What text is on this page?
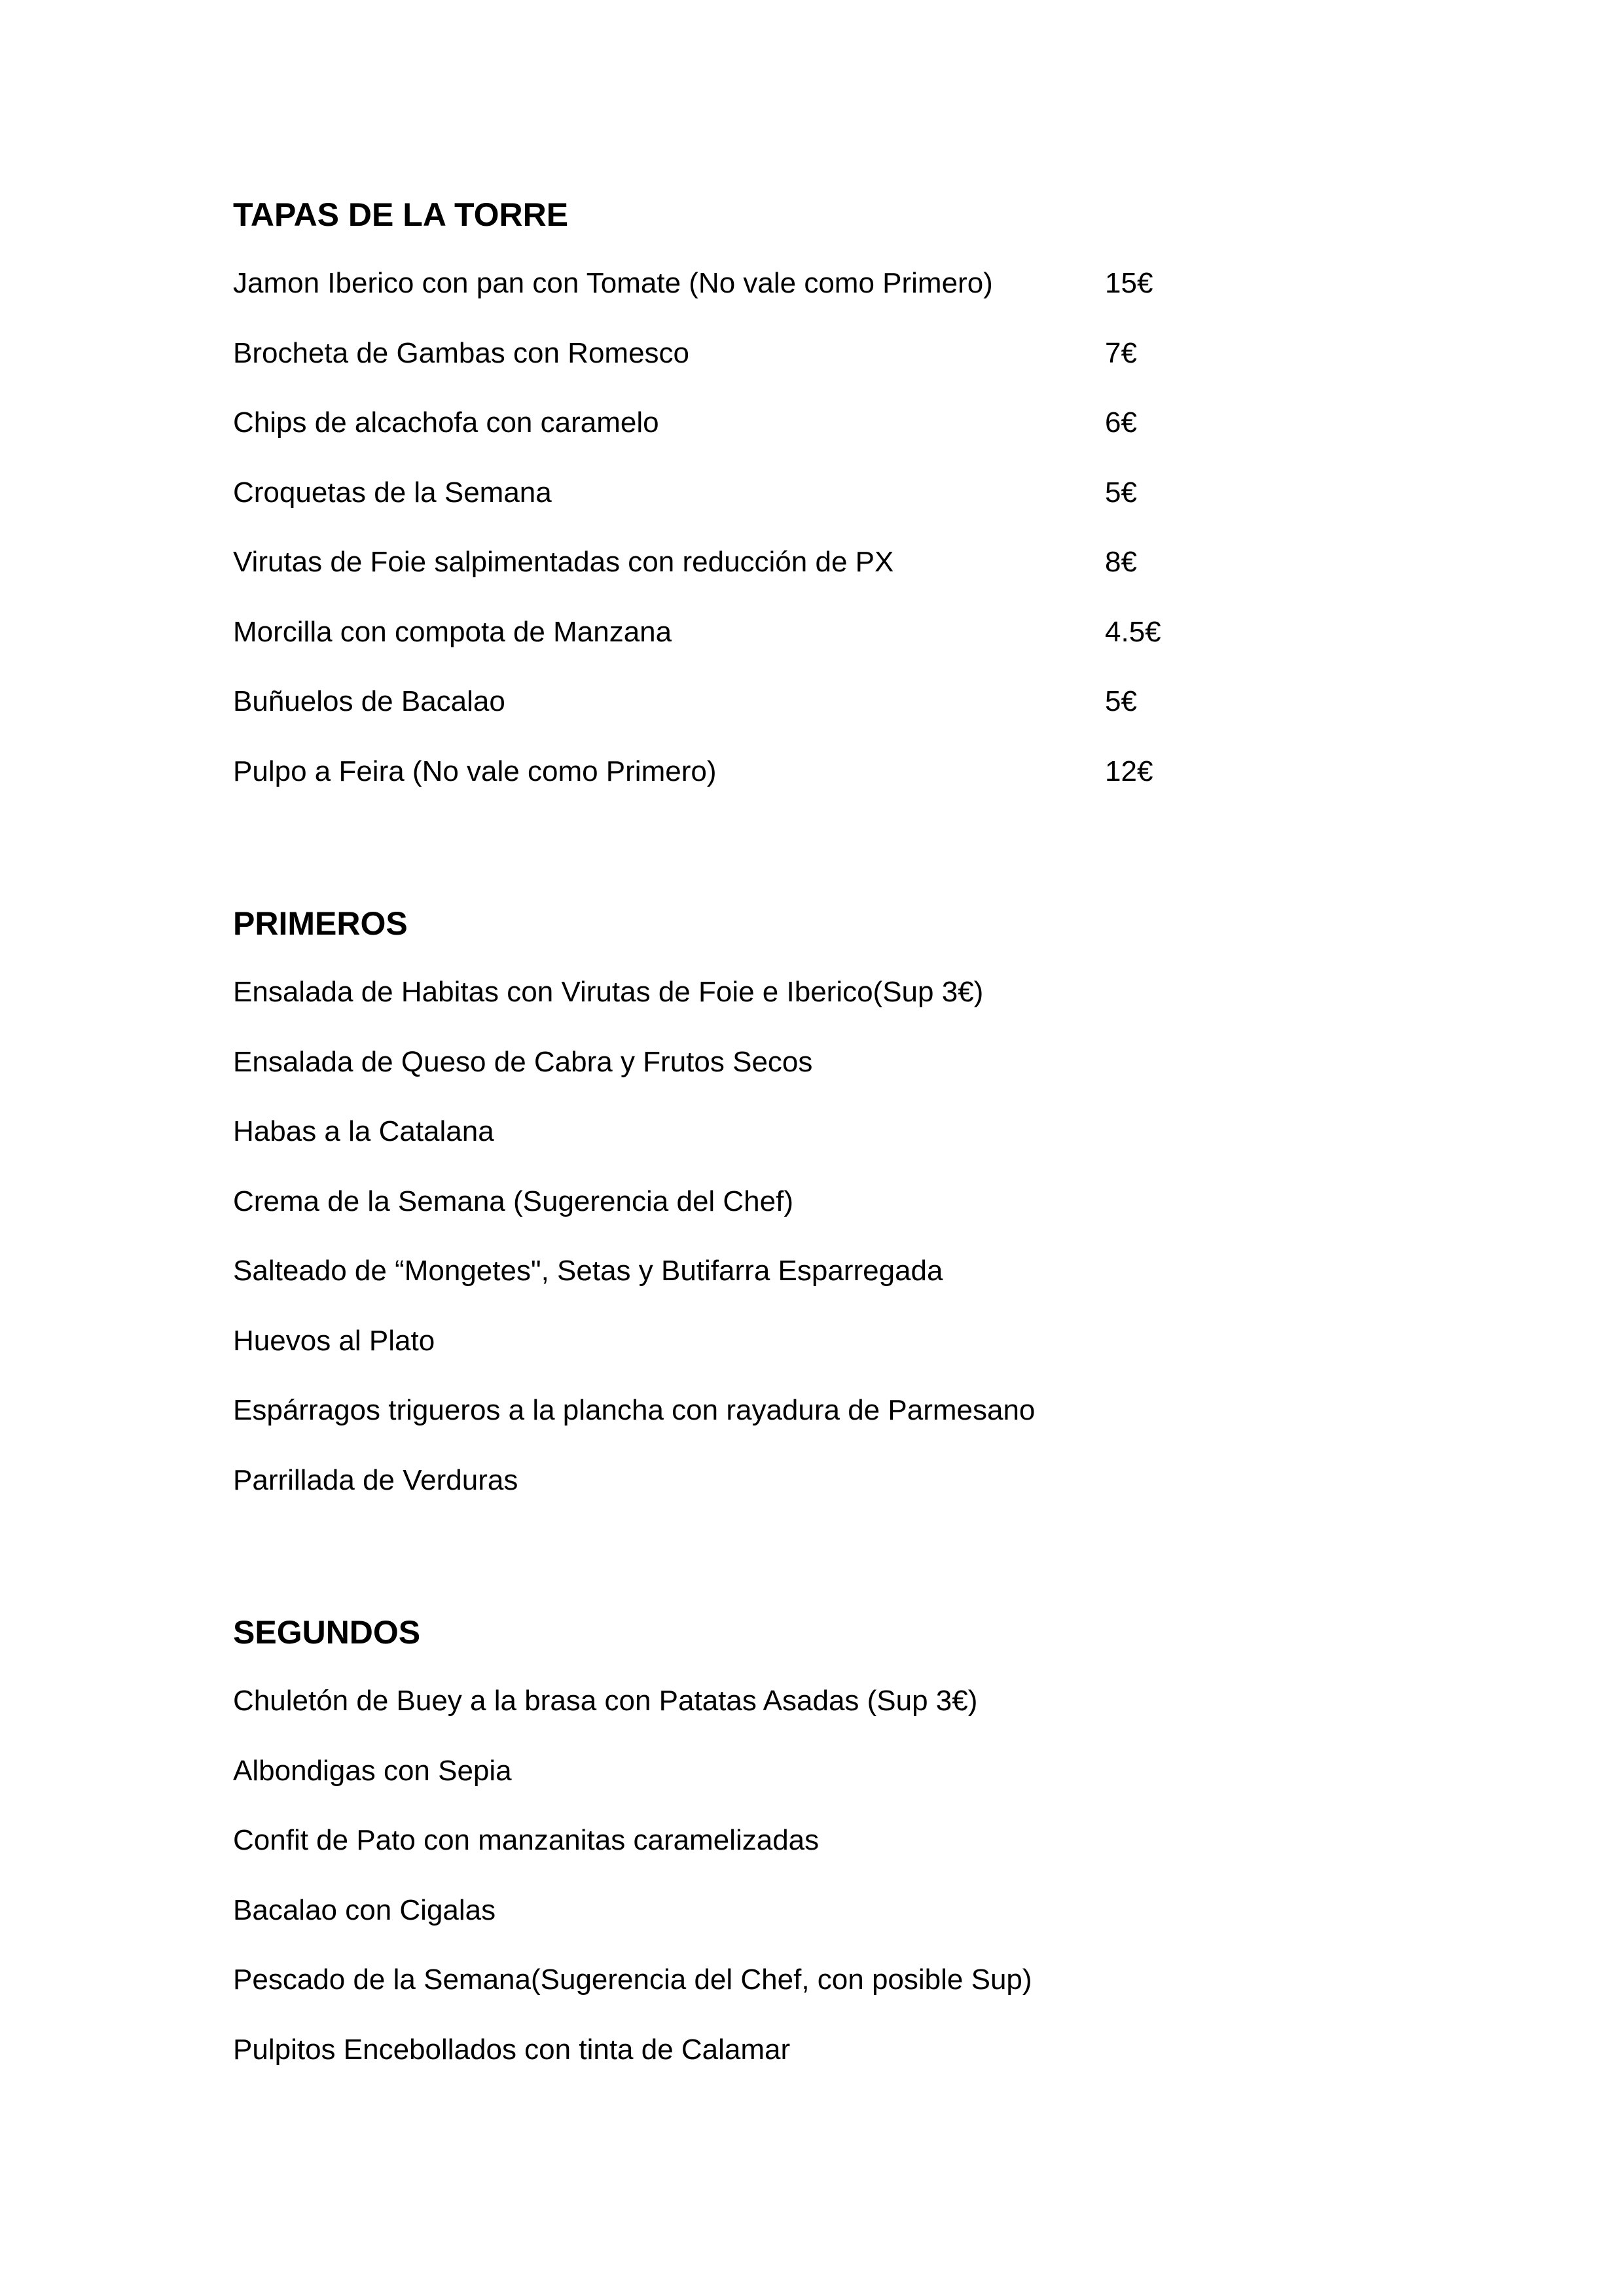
TAPAS DE LA TORRE
Jamon Iberico con pan con Tomate (No vale como Primero)	15€
Brocheta de Gambas con Romesco	7€
Chips de alcachofa con caramelo	6€
Croquetas de la Semana	5€
Virutas de Foie salpimentadas con reducción de PX	8€
Morcilla con compota de Manzana	4.5€
Buñuelos de Bacalao	5€
Pulpo a Feira (No vale como Primero)	12€
PRIMEROS
Ensalada de Habitas con Virutas de Foie e Iberico(Sup 3€)
Ensalada de Queso de Cabra y Frutos Secos
Habas a la Catalana
Crema de la Semana (Sugerencia del Chef)
Salteado de “Mongetes", Setas y Butifarra Esparregada
Huevos al Plato
Espárragos trigueros a la plancha con rayadura de Parmesano
Parrillada de Verduras
SEGUNDOS
Chuletón de Buey a la brasa con Patatas Asadas (Sup 3€)
Albondigas con Sepia
Confit de Pato con manzanitas caramelizadas
Bacalao con Cigalas
Pescado de la Semana(Sugerencia del Chef, con posible Sup)
Pulpitos Encebollados con tinta de Calamar
